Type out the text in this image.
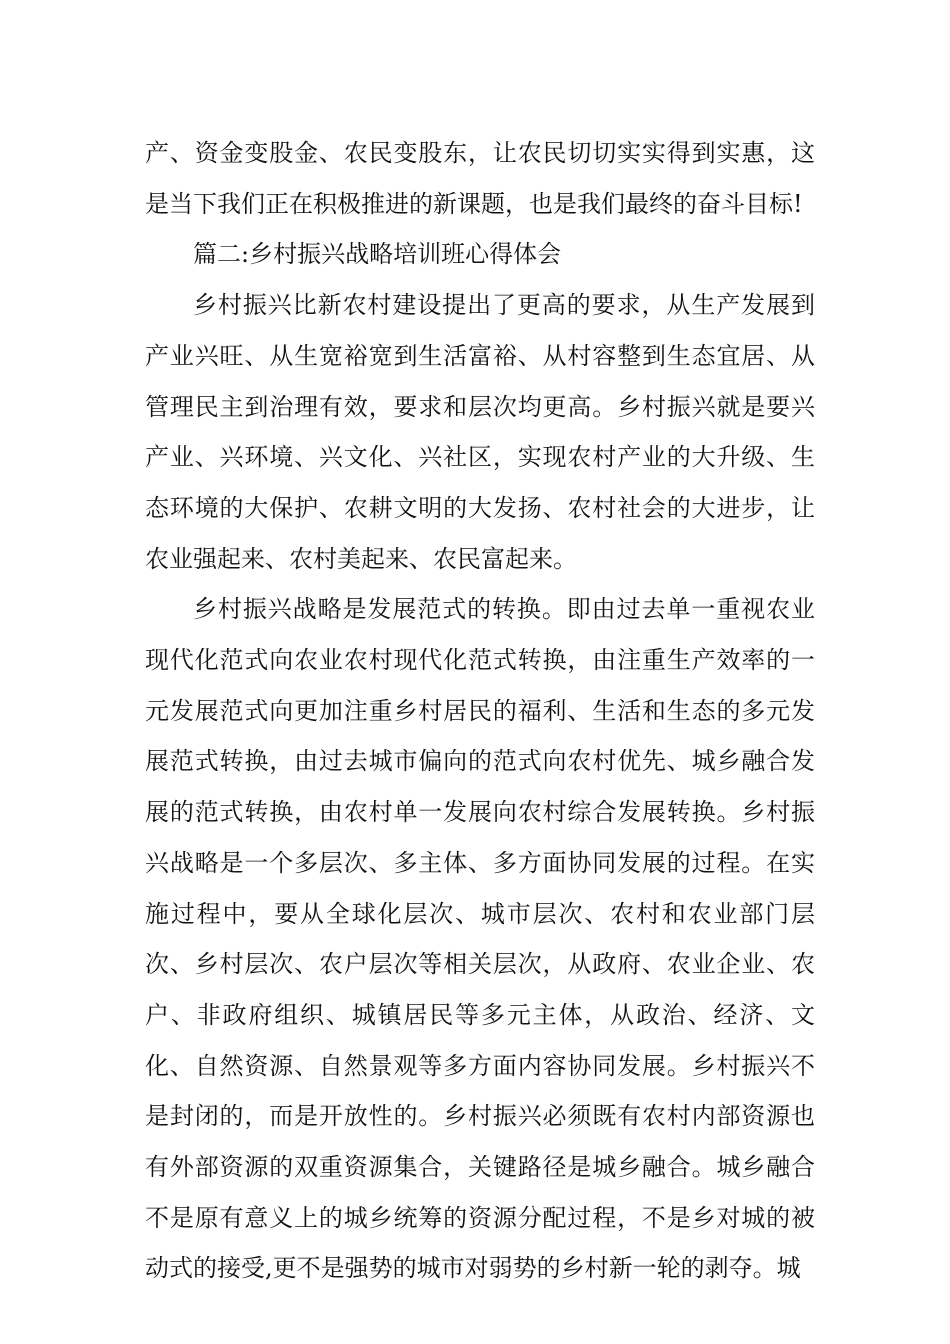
产、资金变股金、农民变股东，让农民切切实实得到实惠，这是当下我们正在积极推进的新课题，也是我们最终的奋斗目标!

篇二:乡村振兴战略培训班心得体会

乡村振兴比新农村建设提出了更高的要求，从生产发展到产业兴旺、从生宽裕宽到生活富裕、从村容整到生态宜居、从管理民主到治理有效，要求和层次均更高。乡村振兴就是要兴产业、兴环境、兴文化、兴社区，实现农村产业的大升级、生态环境的大保护、农耕文明的大发扬、农村社会的大进步，让农业强起来、农村美起来、农民富起来。

乡村振兴战略是发展范式的转换。即由过去单一重视农业现代化范式向农业农村现代化范式转换，由注重生产效率的一元发展范式向更加注重乡村居民的福利、生活和生态的多元发展范式转换，由过去城市偏向的范式向农村优先、城乡融合发展的范式转换，由农村单一发展向农村综合发展转换。乡村振兴战略是一个多层次、多主体、多方面协同发展的过程。在实施过程中，要从全球化层次、城市层次、农村和农业部门层次、乡村层次、农户层次等相关层次，从政府、农业企业、农户、非政府组织、城镇居民等多元主体，从政治、经济、文化、自然资源、自然景观等多方面内容协同发展。乡村振兴不是封闭的，而是开放性的。乡村振兴必须既有农村内部资源也有外部资源的双重资源集合，关键路径是城乡融合。城乡融合不是原有意义上的城乡统筹的资源分配过程，不是乡对城的被动式的接受,更不是强势的城市对弱势的乡村新一轮的剥夺。城
